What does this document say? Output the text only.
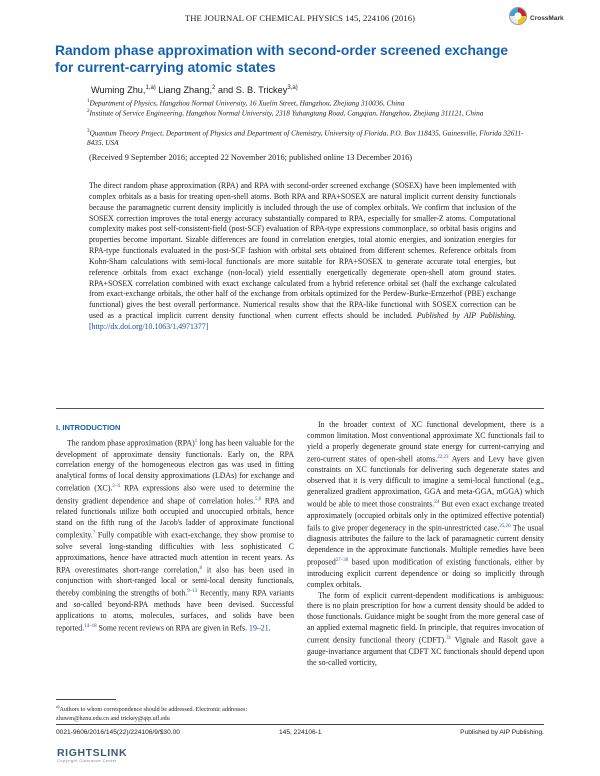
THE JOURNAL OF CHEMICAL PHYSICS 145, 224106 (2016)	CrossMark
Random phase approximation with second-order screened exchange
for current-carrying atomic states
Wuming Zhu,$^{1,a)}$ Liang Zhang,$^2$ and S. B. Trickey$^{3,a)}$
$^1$Department of Physics, Hangzhou Normal University, 16 Xuelin Street, Hangzhou, Zhejiang 310036, China
$^2$Institute of Service Engineering, Hangzhou Normal University, 2318 Yuhangtang Road, Cangqian, Hangzhou, Zhejiang 311121, China
$^3$Quantum Theory Project, Department of Physics and Department of Chemistry, University of Florida, P.O. Box 118435, Gainesville, Florida 32611-8435, USA
(Received 9 September 2016; accepted 22 November 2016; published online 13 December 2016)
The direct random phase approximation (RPA) and RPA with second-order screened exchange (SOSEX) have been implemented with complex orbitals as a basis for treating open-shell atoms. Both RPA and RPA+SOSEX are natural implicit current density functionals because the paramagnetic current density implicitly is included through the use of complex orbitals. We confirm that inclusion of the SOSEX correction improves the total energy accuracy substantially compared to RPA, especially for smaller-Z atoms. Computational complexity makes post self-consistent-field (post-SCF) evaluation of RPA-type expressions commonplace, so orbital basis origins and properties become important. Sizable differences are found in correlation energies, total atomic energies, and ionization energies for RPA-type functionals evaluated in the post-SCF fashion with orbital sets obtained from different schemes. Reference orbitals from Kohn-Sham calculations with semi-local functionals are more suitable for RPA+SOSEX to generate accurate total energies, but reference orbitals from exact exchange (non-local) yield essentially energetically degenerate open-shell atom ground states. RPA+SOSEX correlation combined with exact exchange calculated from a hybrid reference orbital set (half the exchange calculated from exact-exchange orbitals, the other half of the exchange from orbitals optimized for the Perdew-Burke-Ernzerhof (PBE) exchange functional) gives the best overall performance. Numerical results show that the RPA-like functional with SOSEX correction can be used as a practical implicit current density functional when current effects should be included. Published by AIP Publishing. [http://dx.doi.org/10.1063/1.4971377]
I. INTRODUCTION

The random phase approximation (RPA)$^1$ long has been valuable for the development of approximate density functionals. Early on, the RPA correlation energy of the homogeneous electron gas was used in fitting analytical forms of local density approximations (LDAs) for exchange and correlation (XC).$^{2-4}$ RPA expressions also were used to determine the density gradient dependence and shape of correlation holes.$^{5,6}$ RPA and related functionals utilize both occupied and unoccupied orbitals, hence stand on the fifth rung of the Jacob's ladder of approximate functional complexity.$^7$ Fully compatible with exact-exchange, they show promise to solve several long-standing difficulties with less sophisticated C approximations, hence have attracted much attention in recent years. As RPA overestimates short-range correlation,$^8$ it also has been used in conjunction with short-ranged local or semi-local density functionals, thereby combining the strengths of both.$^{9-13}$ Recently, many RPA variants and so-called beyond-RPA methods have been devised. Successful applications to atoms, molecules, surfaces, and solids have been reported.$^{14-18}$ Some recent reviews on RPA are given in Refs. 19–21.

In the broader context of XC functional development, there is a common limitation. Most conventional approximate XC functionals fail to yield a properly degenerate ground state energy for current-carrying and zero-current states of open-shell atoms.$^{22,23}$ Ayers and Levy have given constraints on XC functionals for delivering such degenerate states and observed that it is very difficult to imagine a semi-local functional (e.g., generalized gradient approximation, GGA and meta-GGA, mGGA) which would be able to meet those constraints.$^{24}$ But even exact exchange treated approximately (occupied orbitals only in the optimized effective potential) fails to give proper degeneracy in the spin-unrestricted case.$^{25,26}$ The usual diagnosis attributes the failure to the lack of paramagnetic current density dependence in the approximate functionals. Multiple remedies have been proposed$^{27-30}$ based upon modification of existing functionals, either by introducing explicit current dependence or doing so implicitly through complex orbitals.

The form of explicit current-dependent modifications is ambiguous: there is no plain prescription for how a current density should be added to those functionals. Guidance might be sought from the more general case of an applied external magnetic field. In principle, that requires invocation of current density functional theory (CDFT).$^{31}$ Vignale and Rasolt gave a gauge-invariance argument that CDFT XC functionals should depend upon the so-called vorticity,

$^{a)}$Authors to whom correspondence should be addressed. Electronic addresses: zhuwm@hznu.edu.cn and trickey@qtp.ufl.edu
0021-9606/2016/145(22)/224106/9/$30.00	145, 224106-1	Published by AIP Publishing.
RIGHTSLINK
Copyright Clearance Center
